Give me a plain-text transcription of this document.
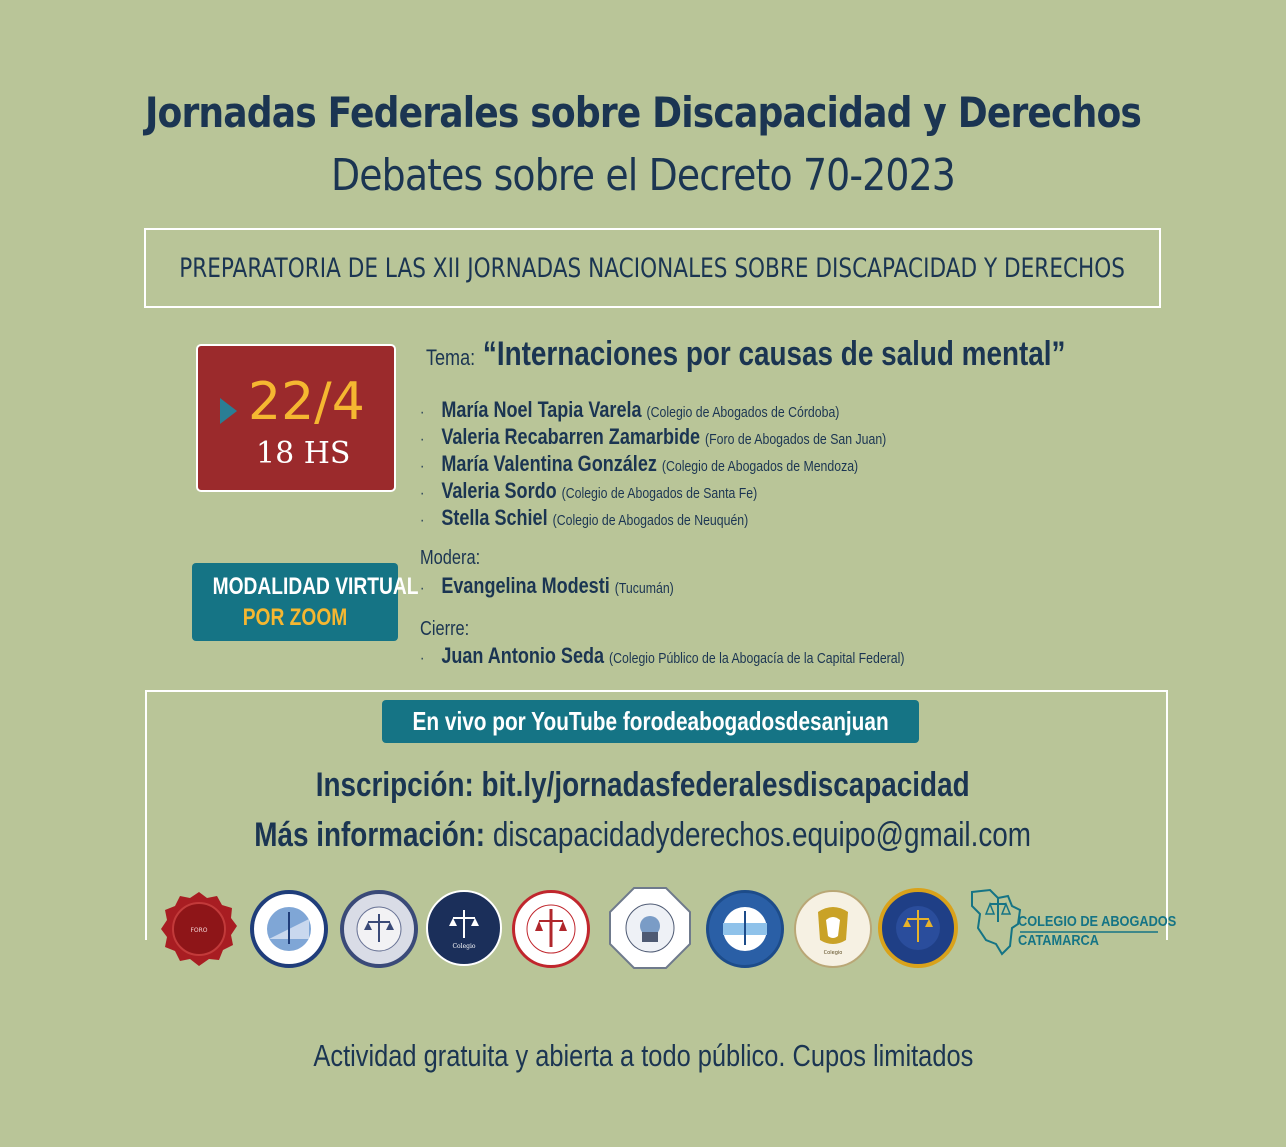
Jornadas Federales sobre Discapacidad y Derechos
Debates sobre el Decreto 70-2023
PREPARATORIA DE LAS XII JORNADAS NACIONALES SOBRE DISCAPACIDAD Y DERECHOS
22/4
18 HS
MODALIDAD VIRTUAL
POR ZOOM
Tema: “Internaciones por causas de salud mental”
· María Noel Tapia Varela (Colegio de Abogados de Córdoba)
· Valeria Recabarren Zamarbide (Foro de Abogados de San Juan)
· María Valentina González (Colegio de Abogados de Mendoza)
· Valeria Sordo (Colegio de Abogados de Santa Fe)
· Stella Schiel (Colegio de Abogados de Neuquén)
Modera:
· Evangelina Modesti (Tucumán)
Cierre:
· Juan Antonio Seda (Colegio Público de la Abogacía de la Capital Federal)
En vivo por YouTube forodeabogadosdesanjuan
Inscripción: bit.ly/jornadasfederalesdiscapacidad
Más información: discapacidadyderechos.equipo@gmail.com
FORO
Colegio
Colegio
COLEGIO DE ABOGADOS
CATAMARCA
Actividad gratuita y abierta a todo público. Cupos limitados
